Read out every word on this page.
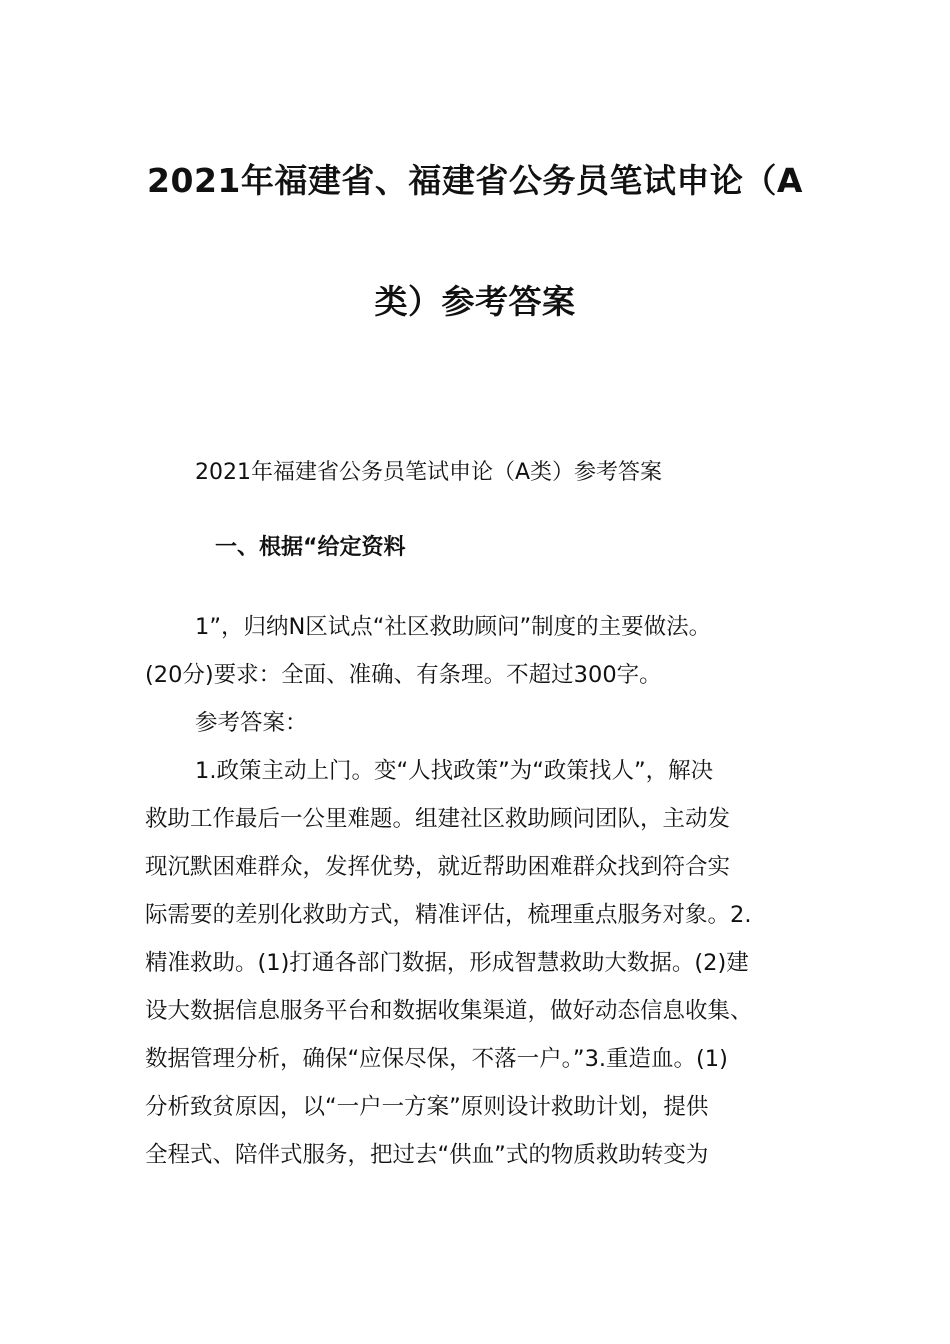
2021年福建省、福建省公务员笔试申论（A
类）参考答案
2021年福建省公务员笔试申论（A类）参考答案
一、根据“给定资料
1”，归纳N区试点“社区救助顾问”制度的主要做法。
(20分)要求：全面、准确、有条理。不超过300字。
参考答案：
1.政策主动上门。变“人找政策”为“政策找人”，解决
救助工作最后一公里难题。组建社区救助顾问团队，主动发
现沉默困难群众，发挥优势，就近帮助困难群众找到符合实
际需要的差别化救助方式，精准评估，梳理重点服务对象。2.
精准救助。(1)打通各部门数据，形成智慧救助大数据。(2)建
设大数据信息服务平台和数据收集渠道，做好动态信息收集、
数据管理分析，确保“应保尽保，不落一户。”3.重造血。(1)
分析致贫原因，以“一户一方案”原则设计救助计划，提供
全程式、陪伴式服务，把过去“供血”式的物质救助转变为
